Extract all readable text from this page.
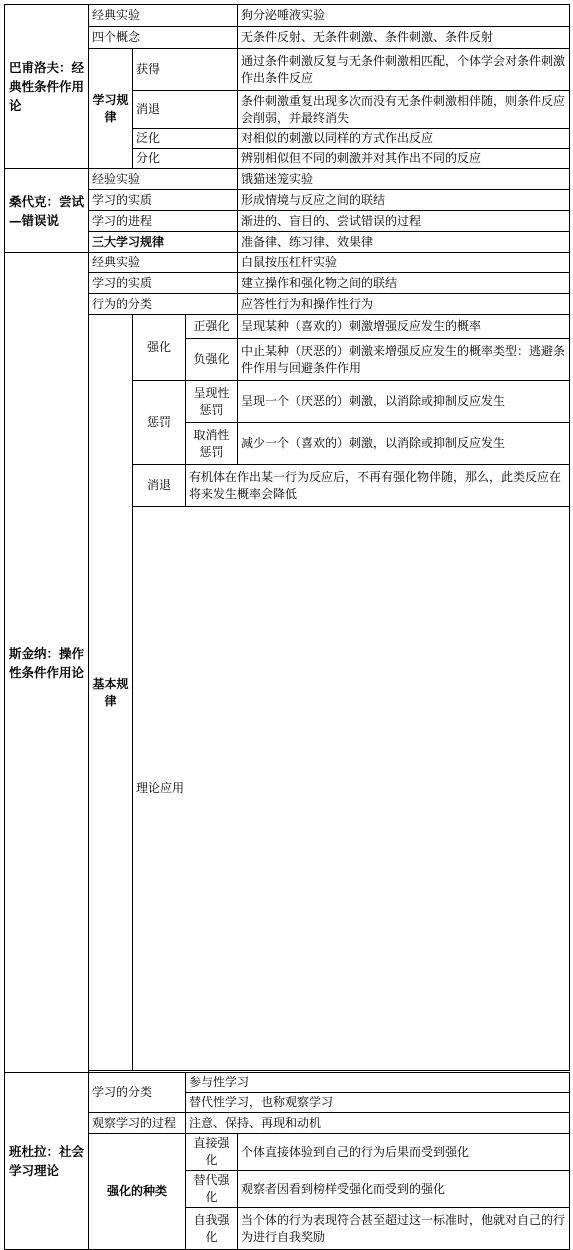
巴甫洛夫：经典性条件作用论	经典实验			狗分泌唾液实验	
	四个概念			无条件反射、无条件刺激、条件刺激、条件反射	
	学习规律	获得		通过条件刺激反复与无条件刺激相匹配，个体学会对条件刺激作出条件反应	
		消退		条件刺激重复出现多次而没有无条件刺激相伴随，则条件反应会削弱，并最终消失	

		泛化		对相似的刺激以同样的方式作出反应	
		分化		辨别相似但不同的刺激并对其作出不同的反应	
桑代克：尝试—错误说	经验实验			饿猫迷笼实验	
	学习的实质			形成情境与反应之间的联结	
	学习的进程			渐进的、盲目的、尝试错误的过程	
	三大学习规律			准备律、练习律、效果律	
斯金纳：操作性条件作用论	经典实验			白鼠按压杠杆实验	
	学习的实质			建立操作和强化物之间的联结	
	行为的分类			应答性行为和操作性行为	
	基本规律	强化	正强化	呈现某种（喜欢的）刺激增强反应发生的概率	
			负强化	中止某种（厌恶的）刺激来增强反应发生的概率类型：逃避条件作用与回避条件作用	
		惩罚	呈现性惩罚	呈现一个（厌恶的）刺激，以消除或抑制反应发生	
			取消性惩罚	减少一个（喜欢的）刺激，以消除或抑制反应发生	
		消退	有机体在作出某一行为反应后，不再有强化物伴随，那么，此类反应在将来发生概率会降低		
		理论应用	

班杜拉：社会学习理论	学习的分类		参与性学习		
			替代性学习，也称观察学习		
	观察学习的过程		注意、保持、再现和动机		
	强化的种类		直接强化	个体直接体验到自己的行为后果而受到强化	
			替代强化	观察者因看到榜样受强化而受到的强化	
			自我强化	当个体的行为表现符合甚至超过这一标准时，他就对自己的行为进行自我奖励	
